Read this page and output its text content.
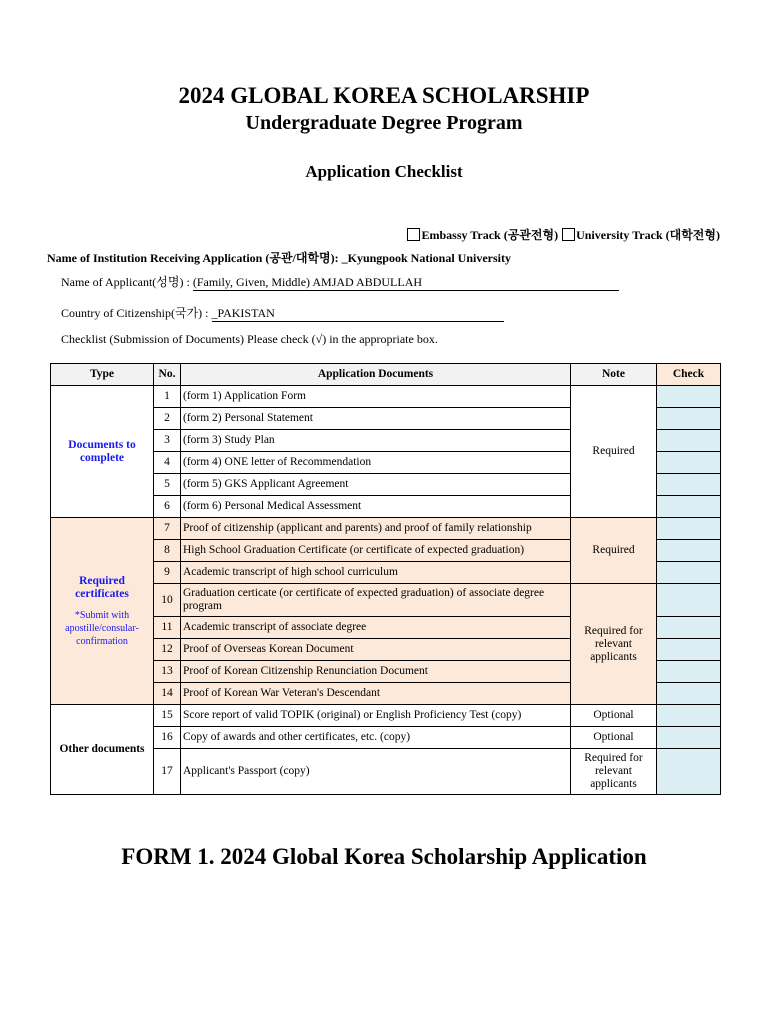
2024 GLOBAL KOREA SCHOLARSHIP
Undergraduate Degree Program
Application Checklist
Embassy Track (공관전형) University Track (대학전형)
Name of Institution Receiving Application (공관/대학명): _Kyungpook National University
Name of Applicant(성명) : (Family, Given, Middle) AMJAD ABDULLAH
Country of Citizenship(국가) : _PAKISTAN
Checklist (Submission of Documents) Please check (√) in the appropriate box.
Type	No.	Application Documents	Note	Check
Documents to complete	1	(form 1) Application Form	Required	
	2	(form 2) Personal Statement		
	3	(form 3) Study Plan		
	4	(form 4) ONE letter of Recommendation		
	5	(form 5) GKS Applicant Agreement		
	6	(form 6) Personal Medical Assessment		
Required certificates
*Submit with apostille/consular-confirmation	7	Proof of citizenship (applicant and parents) and proof of family relationship	Required	
	8	High School Graduation Certificate (or certificate of expected graduation)		
	9	Academic transcript of high school curriculum		
	10	Graduation certicate (or certificate of expected graduation) of associate degree program	Required for relevant applicants	
	11	Academic transcript of associate degree		
	12	Proof of Overseas Korean Document		
	13	Proof of Korean Citizenship Renunciation Document		
	14	Proof of Korean War Veteran's Descendant		
Other documents	15	Score report of valid TOPIK (original) or English Proficiency Test (copy)	Optional	
	16	Copy of awards and other certificates, etc. (copy)	Optional	
	17	Applicant's Passport (copy)	Required for relevant applicants	
FORM 1. 2024 Global Korea Scholarship Application
